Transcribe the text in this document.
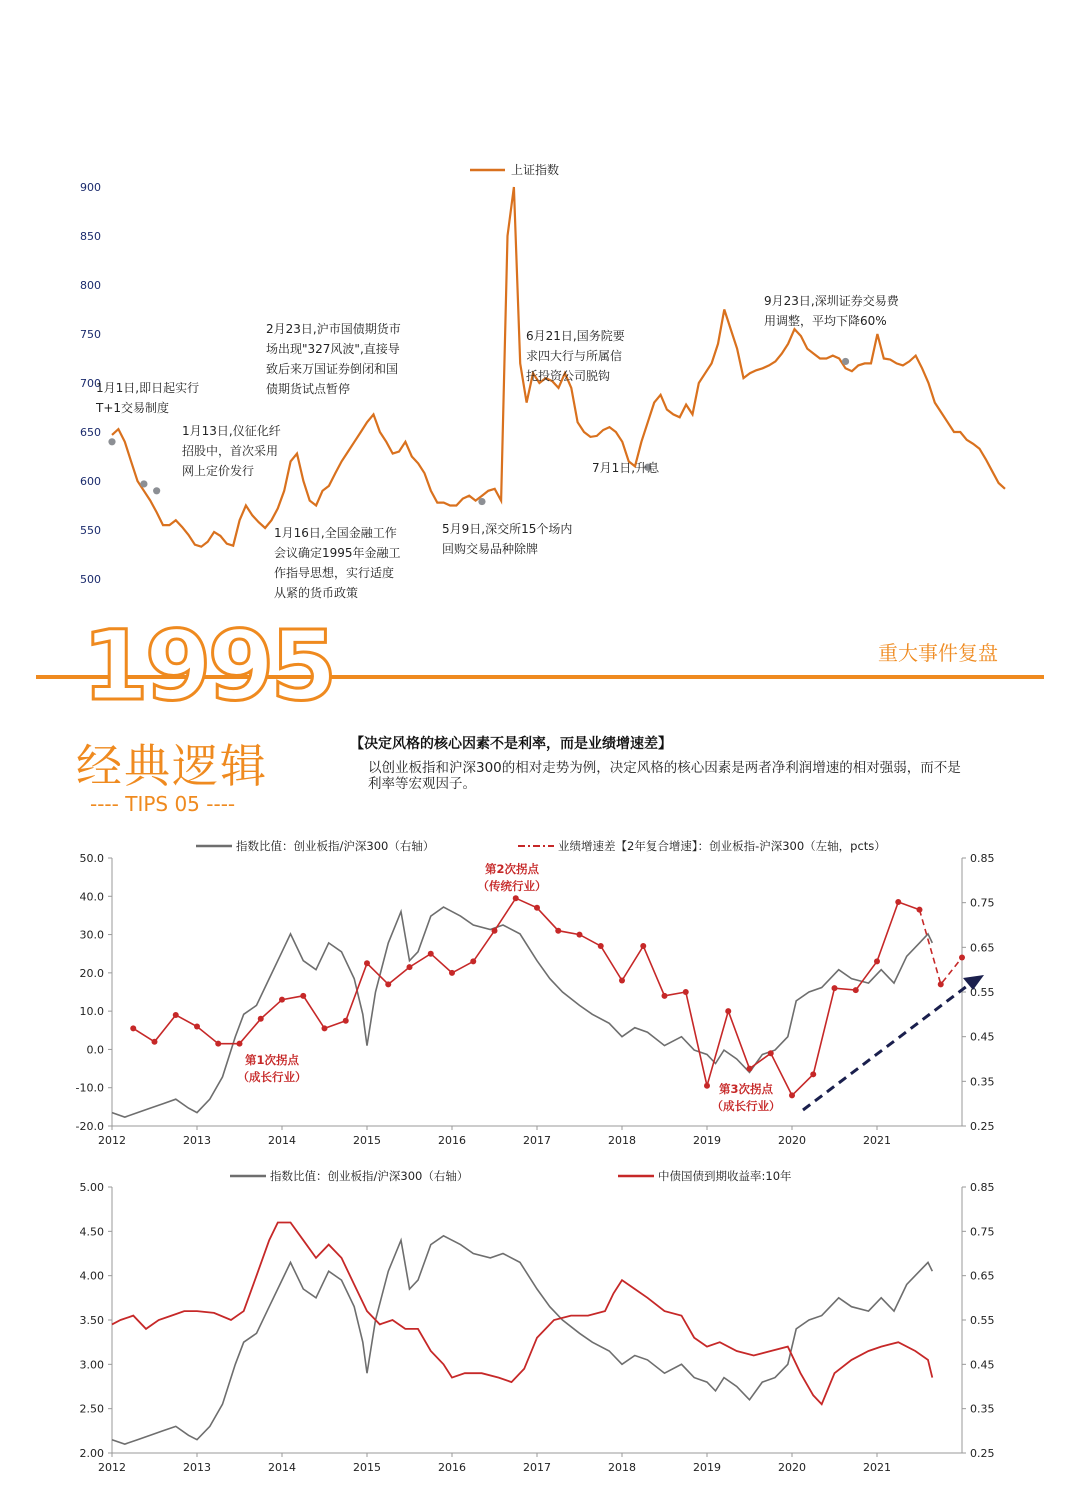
500
550
600
650
700
750
800
850
900
上证指数
1月1日,即日起实行
T+1交易制度
1月13日,仪征化纤
招股中，首次采用
网上定价发行
2月23日,沪市国债期货市
场出现"327风波",直接导
致后来万国证券倒闭和国
债期货试点暂停
1月16日,全国金融工作
会议确定1995年金融工
作指导思想，实行适度
从紧的货币政策
5月9日,深交所15个场内
回购交易品种除牌
6月21日,国务院要
求四大行与所属信
托投资公司脱钩
7月1日,升息
9月23日,深圳证券交易费
用调整，平均下降60%
1995	重大事件复盘
经典逻辑
---- TIPS 05 ----
【决定风格的核心因素不是利率，而是业绩增速差】
以创业板指和沪深300的相对走势为例，决定风格的核心因素是两者净利润增速的相对强弱，而不是利率等宏观因子。
指数比值：创业板指/沪深300（右轴）	业绩增速差【2年复合增速】：创业板指-沪深300（左轴，pcts）
50.0
40.0
30.0
20.0
10.0
0.0
-10.0
-20.0
0.85
0.75
0.65
0.55
0.45
0.35
0.25
2012	2013	2014	2015	2016	2017	2018	2019	2020	2021
第1次拐点
（成长行业）
第2次拐点
（传统行业）
第3次拐点
（成长行业）
指数比值：创业板指/沪深300（右轴）	中债国债到期收益率:10年
5.00
4.50
4.00
3.50
3.00
2.50
2.00
0.85
0.75
0.65
0.55
0.45
0.35
0.25
2012	2013	2014	2015	2016	2017	2018	2019	2020	2021
